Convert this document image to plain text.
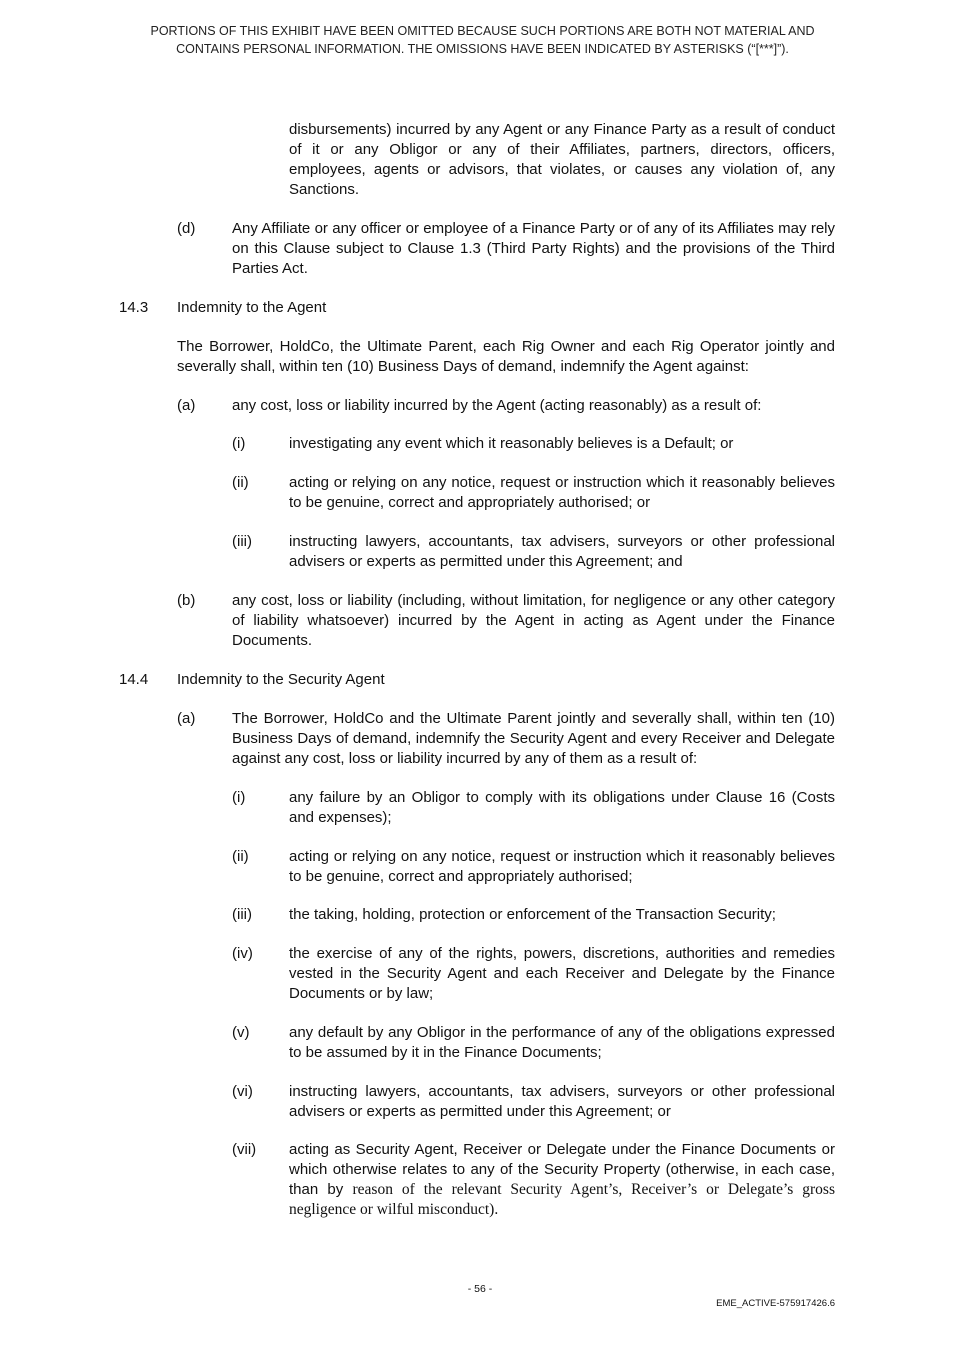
PORTIONS OF THIS EXHIBIT HAVE BEEN OMITTED BECAUSE SUCH PORTIONS ARE BOTH NOT MATERIAL AND
CONTAINS PERSONAL INFORMATION. THE OMISSIONS HAVE BEEN INDICATED BY ASTERISKS (“[***]”).
disbursements) incurred by any Agent or any Finance Party as a result of conduct of it or any Obligor or any of their Affiliates, partners, directors, officers, employees, agents or advisors, that violates, or causes any violation of, any Sanctions.
(d) Any Affiliate or any officer or employee of a Finance Party or of any of its Affiliates may rely on this Clause subject to Clause 1.3 (Third Party Rights) and the provisions of the Third Parties Act.
14.3 Indemnity to the Agent
The Borrower, HoldCo, the Ultimate Parent, each Rig Owner and each Rig Operator jointly and severally shall, within ten (10) Business Days of demand, indemnify the Agent against:
(a) any cost, loss or liability incurred by the Agent (acting reasonably) as a result of:
(i)	investigating any event which it reasonably believes is a Default; or
(ii)	acting or relying on any notice, request or instruction which it reasonably believes to be genuine, correct and appropriately authorised; or
(iii) instructing lawyers, accountants, tax advisers, surveyors or other professional advisers or experts as permitted under this Agreement; and
(b) any cost, loss or liability (including, without limitation, for negligence or any other category of liability whatsoever) incurred by the Agent in acting as Agent under the Finance Documents.
14.4 Indemnity to the Security Agent
(a) The Borrower, HoldCo and the Ultimate Parent jointly and severally shall, within ten (10) Business Days of demand, indemnify the Security Agent and every Receiver and Delegate against any cost, loss or liability incurred by any of them as a result of:
(i)	any failure by an Obligor to comply with its obligations under Clause 16 (Costs and expenses);
(ii)	acting or relying on any notice, request or instruction which it reasonably believes to be genuine, correct and appropriately authorised;
(iii) the taking, holding, protection or enforcement of the Transaction Security;
(iv) the exercise of any of the rights, powers, discretions, authorities and remedies vested in the Security Agent and each Receiver and Delegate by the Finance Documents or by law;
(v)	any default by any Obligor in the performance of any of the obligations expressed to be assumed by it in the Finance Documents;
(vi) instructing lawyers, accountants, tax advisers, surveyors or other professional advisers or experts as permitted under this Agreement; or
(vii) acting as Security Agent, Receiver or Delegate under the Finance Documents or which otherwise relates to any of the Security Property (otherwise, in each case, than by reason of the relevant Security Agent’s, Receiver’s or Delegate’s gross negligence or wilful misconduct).
- 56 -
EME_ACTIVE-575917426.6
